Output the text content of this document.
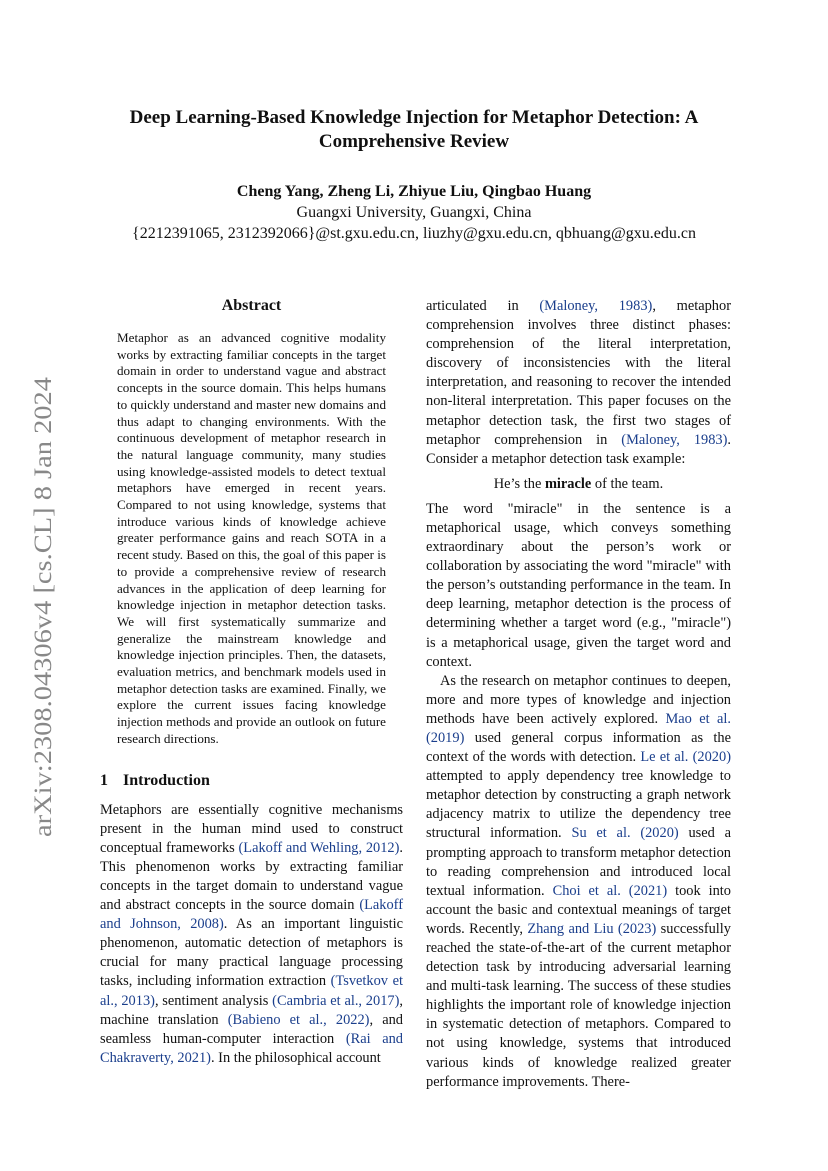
arXiv:2308.04306v4 [cs.CL] 8 Jan 2024
Deep Learning-Based Knowledge Injection for Metaphor Detection: A
Comprehensive Review
Cheng Yang, Zheng Li, Zhiyue Liu, Qingbao Huang
Guangxi University, Guangxi, China
{2212391065, 2312392066}@st.gxu.edu.cn, liuzhy@gxu.edu.cn, qbhuang@gxu.edu.cn
Abstract
Metaphor as an advanced cognitive modality works by extracting familiar concepts in the target domain in order to understand vague and abstract concepts in the source domain. This helps humans to quickly understand and master new domains and thus adapt to changing environments. With the continuous development of metaphor research in the natural language community, many studies using knowledge-assisted models to detect textual metaphors have emerged in recent years. Compared to not using knowledge, systems that introduce various kinds of knowledge achieve greater performance gains and reach SOTA in a recent study. Based on this, the goal of this paper is to provide a comprehensive review of research advances in the application of deep learning for knowledge injection in metaphor detection tasks. We will first systematically summarize and generalize the mainstream knowledge and knowledge injection principles. Then, the datasets, evaluation metrics, and benchmark models used in metaphor detection tasks are examined. Finally, we explore the current issues facing knowledge injection methods and provide an outlook on future research directions.
1 Introduction

Metaphors are essentially cognitive mechanisms present in the human mind used to construct conceptual frameworks (Lakoff and Wehling, 2012). This phenomenon works by extracting familiar concepts in the target domain to understand vague and abstract concepts in the source domain (Lakoff and Johnson, 2008). As an important linguistic phenomenon, automatic detection of metaphors is crucial for many practical language processing tasks, including information extraction (Tsvetkov et al., 2013), sentiment analysis (Cambria et al., 2017), machine translation (Babieno et al., 2022), and seamless human-computer interaction (Rai and Chakraverty, 2021). In the philosophical account

articulated in (Maloney, 1983), metaphor comprehension involves three distinct phases: comprehension of the literal interpretation, discovery of inconsistencies with the literal interpretation, and reasoning to recover the intended non-literal interpretation. This paper focuses on the metaphor detection task, the first two stages of metaphor comprehension in (Maloney, 1983). Consider a metaphor detection task example:

He’s the miracle of the team.

The word "miracle" in the sentence is a metaphorical usage, which conveys something extraordinary about the person’s work or collaboration by associating the word "miracle" with the person’s outstanding performance in the team. In deep learning, metaphor detection is the process of determining whether a target word (e.g., "miracle") is a metaphorical usage, given the target word and context.

As the research on metaphor continues to deepen, more and more types of knowledge and injection methods have been actively explored. Mao et al. (2019) used general corpus information as the context of the words with detection. Le et al. (2020) attempted to apply dependency tree knowledge to metaphor detection by constructing a graph network adjacency matrix to utilize the dependency tree structural information. Su et al. (2020) used a prompting approach to transform metaphor detection to reading comprehension and introduced local textual information. Choi et al. (2021) took into account the basic and contextual meanings of target words. Recently, Zhang and Liu (2023) successfully reached the state-of-the-art of the current metaphor detection task by introducing adversarial learning and multi-task learning. The success of these studies highlights the important role of knowledge injection in systematic detection of metaphors. Compared to not using knowledge, systems that introduced various kinds of knowledge realized greater performance improvements. There-
